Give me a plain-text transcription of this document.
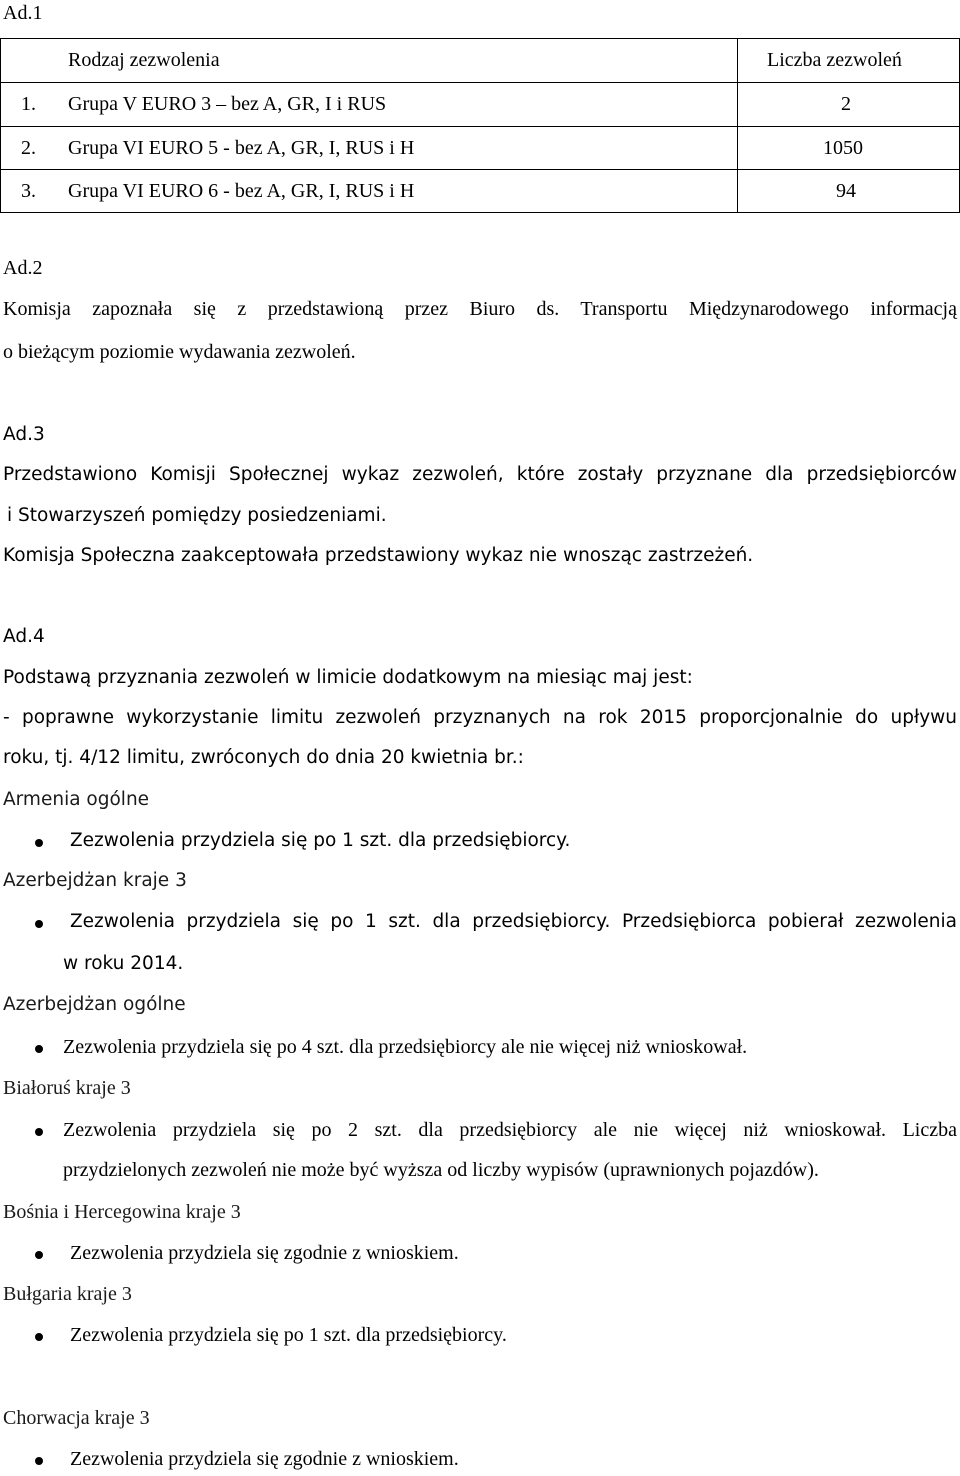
Ad.1
Rodzaj zezwolenia	Liczba zezwoleń
1. Grupa V EURO 3 – bez A, GR, I i RUS	2
2. Grupa VI EURO 5 - bez A, GR, I, RUS i H	1050
3. Grupa VI EURO 6 - bez A, GR, I, RUS i H	94
Ad.2
Komisja zapoznała się z przedstawioną przez Biuro ds. Transportu Międzynarodowego informacją
o bieżącym poziomie wydawania zezwoleń.
Ad.3
Przedstawiono Komisji Społecznej wykaz zezwoleń, które zostały przyznane dla przedsiębiorców
i Stowarzyszeń pomiędzy posiedzeniami.
Komisja Społeczna zaakceptowała przedstawiony wykaz nie wnosząc zastrzeżeń.
Ad.4
Podstawą przyznania zezwoleń w limicie dodatkowym na miesiąc maj jest:
- poprawne wykorzystanie limitu zezwoleń przyznanych na rok 2015 proporcjonalnie do upływu
roku, tj. 4/12 limitu, zwróconych do dnia 20 kwietnia br.:
Armenia ogólne
Zezwolenia przydziela się po 1 szt. dla przedsiębiorcy.
Azerbejdżan kraje 3
Zezwolenia przydziela się po 1 szt. dla przedsiębiorcy. Przedsiębiorca pobierał zezwolenia
w roku 2014.
Azerbejdżan ogólne
Zezwolenia przydziela się po 4 szt. dla przedsiębiorcy ale nie więcej niż wnioskował.
Białoruś kraje 3
Zezwolenia przydziela się po 2 szt. dla przedsiębiorcy ale nie więcej niż wnioskował. Liczba
przydzielonych zezwoleń nie może być wyższa od liczby wypisów (uprawnionych pojazdów).
Bośnia i Hercegowina kraje 3
Zezwolenia przydziela się zgodnie z wnioskiem.
Bułgaria kraje 3
Zezwolenia przydziela się po 1 szt. dla przedsiębiorcy.
Chorwacja kraje 3
Zezwolenia przydziela się zgodnie z wnioskiem.
